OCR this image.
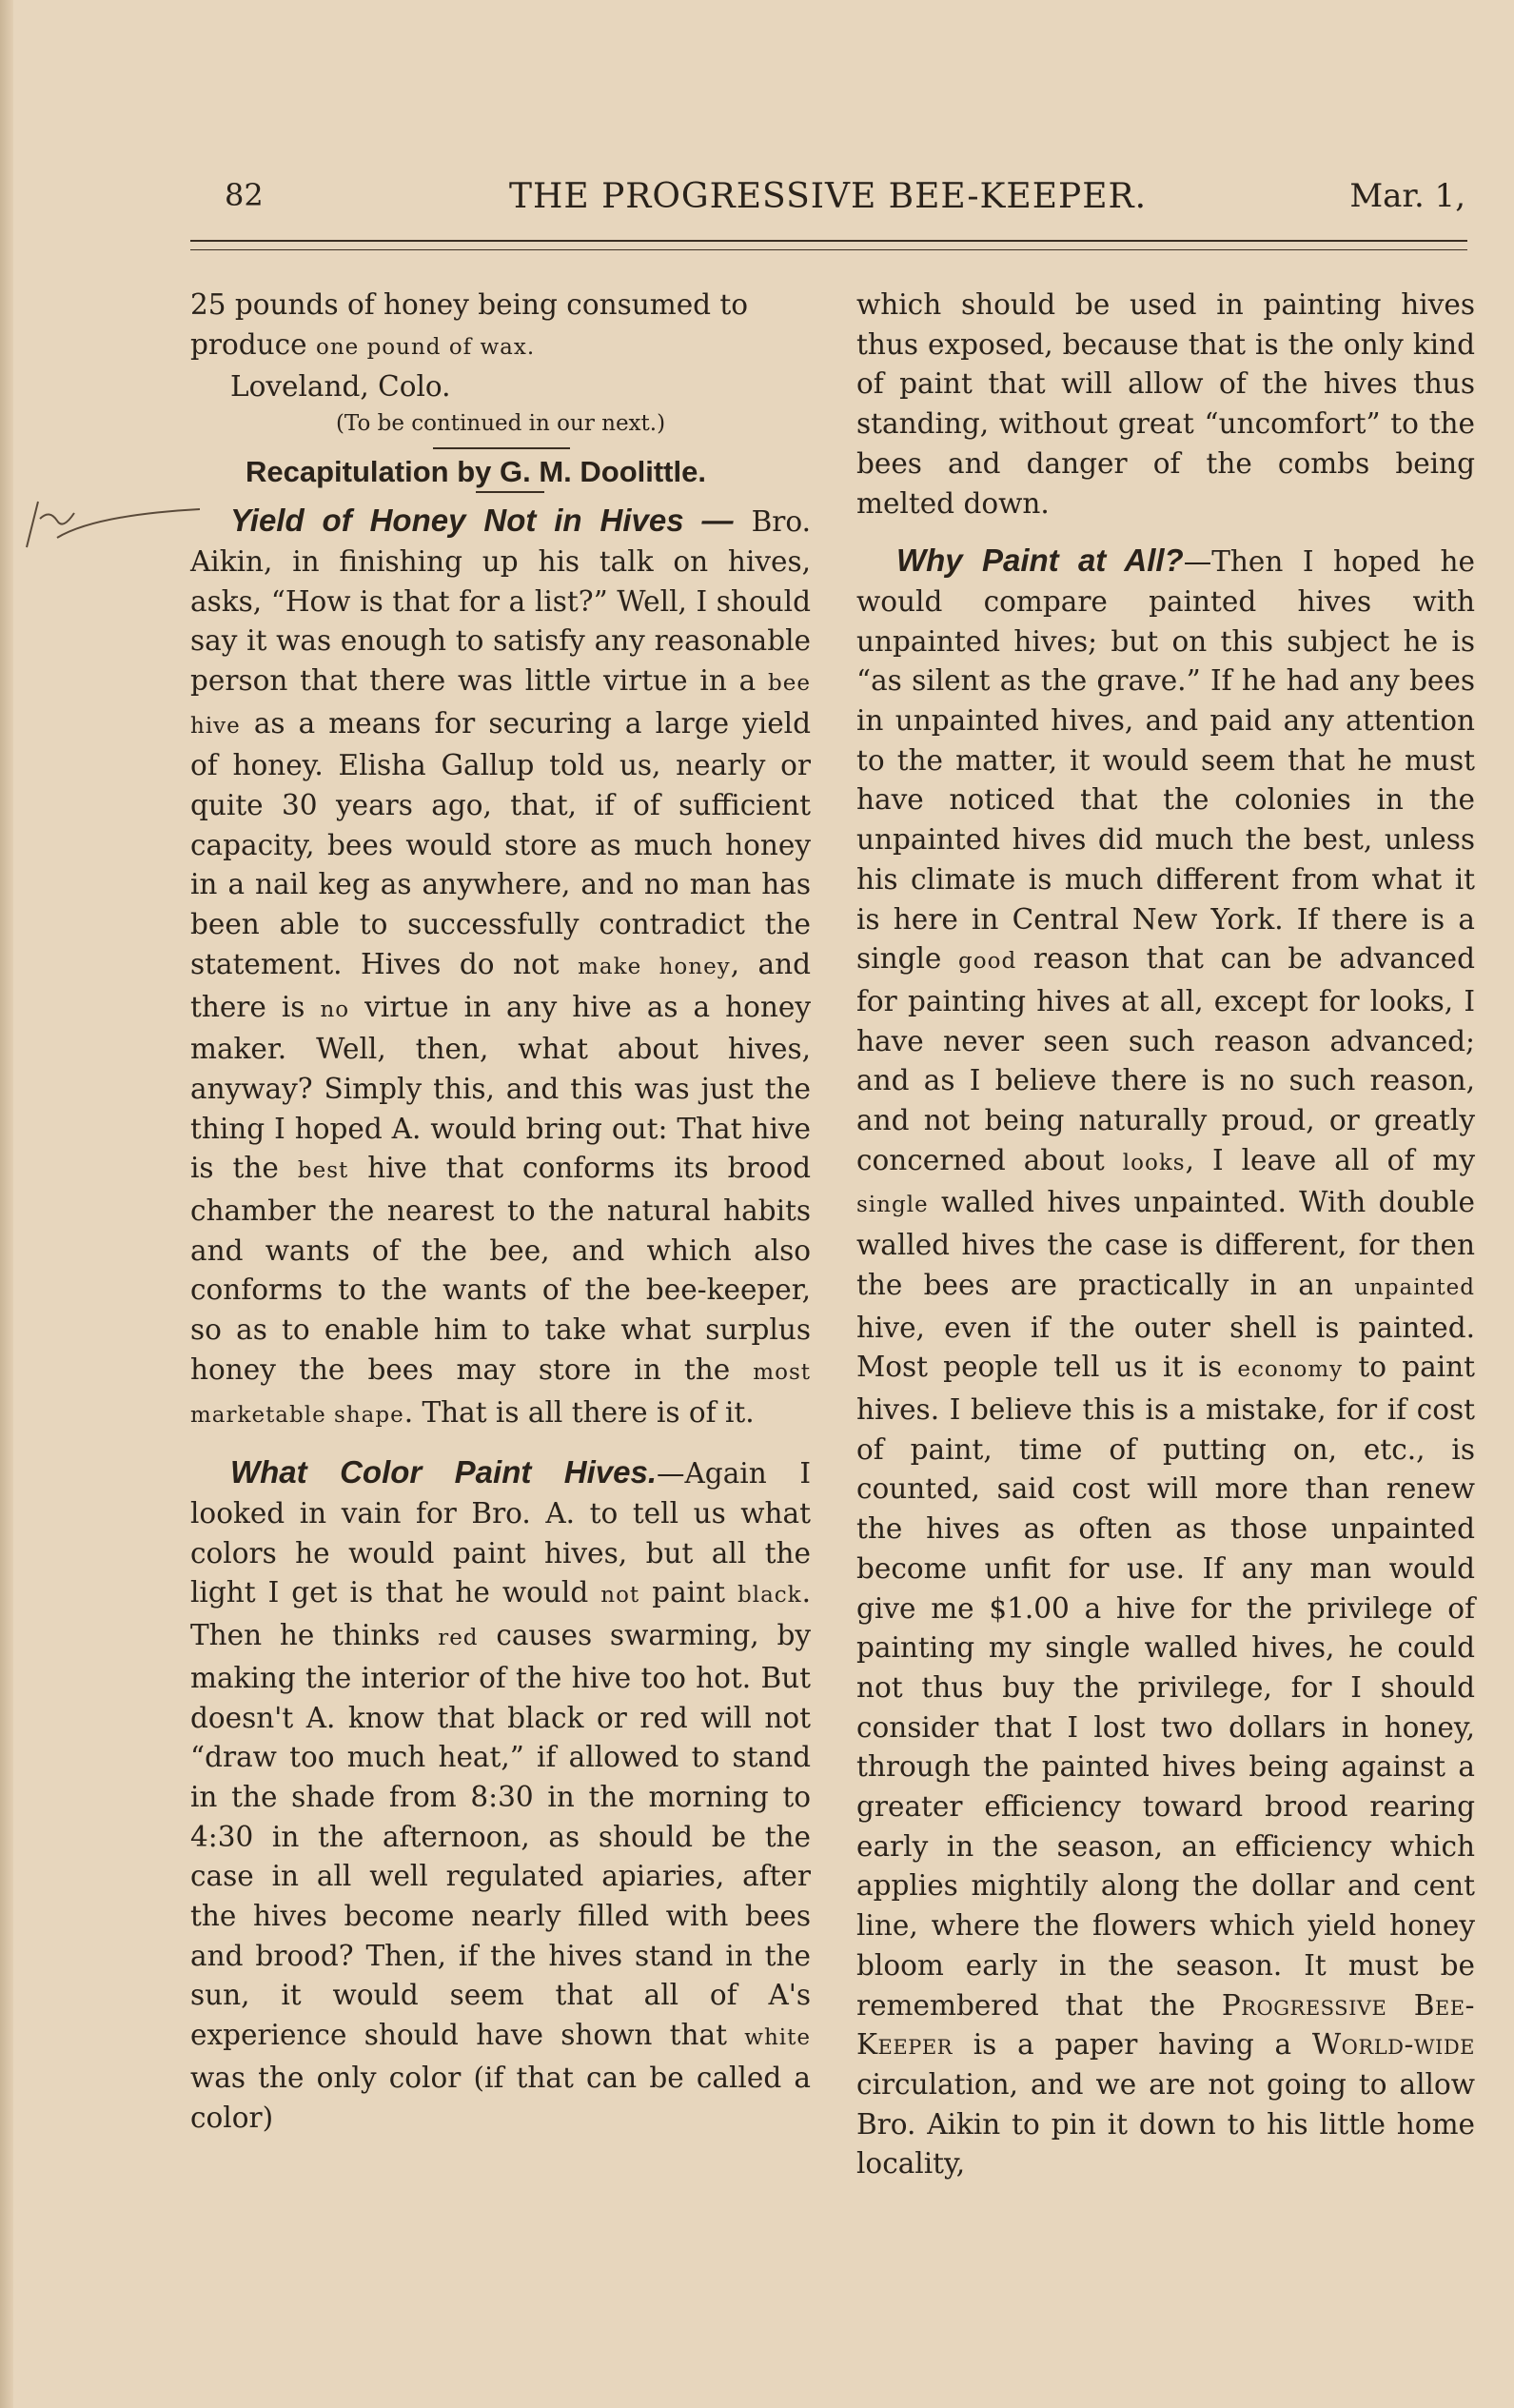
82	THE PROGRESSIVE BEE-KEEPER.	Mar. 1,

25 pounds of honey being consumed to produce one pound of wax.

Loveland, Colo.

(To be continued in our next.)

Recapitulation by G. M. Doolittle.

Yield of Honey Not in Hives — Bro. Aikin, in finishing up his talk on hives, asks, “How is that for a list?” Well, I should say it was enough to satisfy any reasonable person that there was little virtue in a bee hive as a means for securing a large yield of honey. Elisha Gallup told us, nearly or quite 30 years ago, that, if of sufficient capacity, bees would store as much honey in a nail keg as anywhere, and no man has been able to successfully contradict the statement. Hives do not make honey, and there is no virtue in any hive as a honey maker. Well, then, what about hives, anyway? Simply this, and this was just the thing I hoped A. would bring out: That hive is the best hive that conforms its brood chamber the nearest to the natural habits and wants of the bee, and which also conforms to the wants of the bee-keeper, so as to enable him to take what surplus honey the bees may store in the most marketable shape. That is all there is of it.

What Color Paint Hives.—Again I looked in vain for Bro. A. to tell us what colors he would paint hives, but all the light I get is that he would not paint black. Then he thinks red causes swarming, by making the interior of the hive too hot. But doesn't A. know that black or red will not “draw too much heat,” if allowed to stand in the shade from 8:30 in the morning to 4:30 in the afternoon, as should be the case in all well regulated apiaries, after the hives become nearly filled with bees and brood? Then, if the hives stand in the sun, it would seem that all of A's experience should have shown that white was the only color (if that can be called a color)

which should be used in painting hives thus exposed, because that is the only kind of paint that will allow of the hives thus standing, without great “uncomfort” to the bees and danger of the combs being melted down.

Why Paint at All?—Then I hoped he would compare painted hives with unpainted hives; but on this subject he is “as silent as the grave.” If he had any bees in unpainted hives, and paid any attention to the matter, it would seem that he must have noticed that the colonies in the unpainted hives did much the best, unless his climate is much different from what it is here in Central New York. If there is a single good reason that can be advanced for painting hives at all, except for looks, I have never seen such reason advanced; and as I believe there is no such reason, and not being naturally proud, or greatly concerned about looks, I leave all of my single walled hives unpainted. With double walled hives the case is different, for then the bees are practically in an unpainted hive, even if the outer shell is painted. Most people tell us it is economy to paint hives. I believe this is a mistake, for if cost of paint, time of putting on, etc., is counted, said cost will more than renew the hives as often as those unpainted become unfit for use. If any man would give me $1.00 a hive for the privilege of painting my single walled hives, he could not thus buy the privilege, for I should consider that I lost two dollars in honey, through the painted hives being against a greater efficiency toward brood rearing early in the season, an efficiency which applies mightily along the dollar and cent line, where the flowers which yield honey bloom early in the season. It must be remembered that the Progressive Bee-Keeper is a paper having a World-wide circulation, and we are not going to allow Bro. Aikin to pin it down to his little home locality,
